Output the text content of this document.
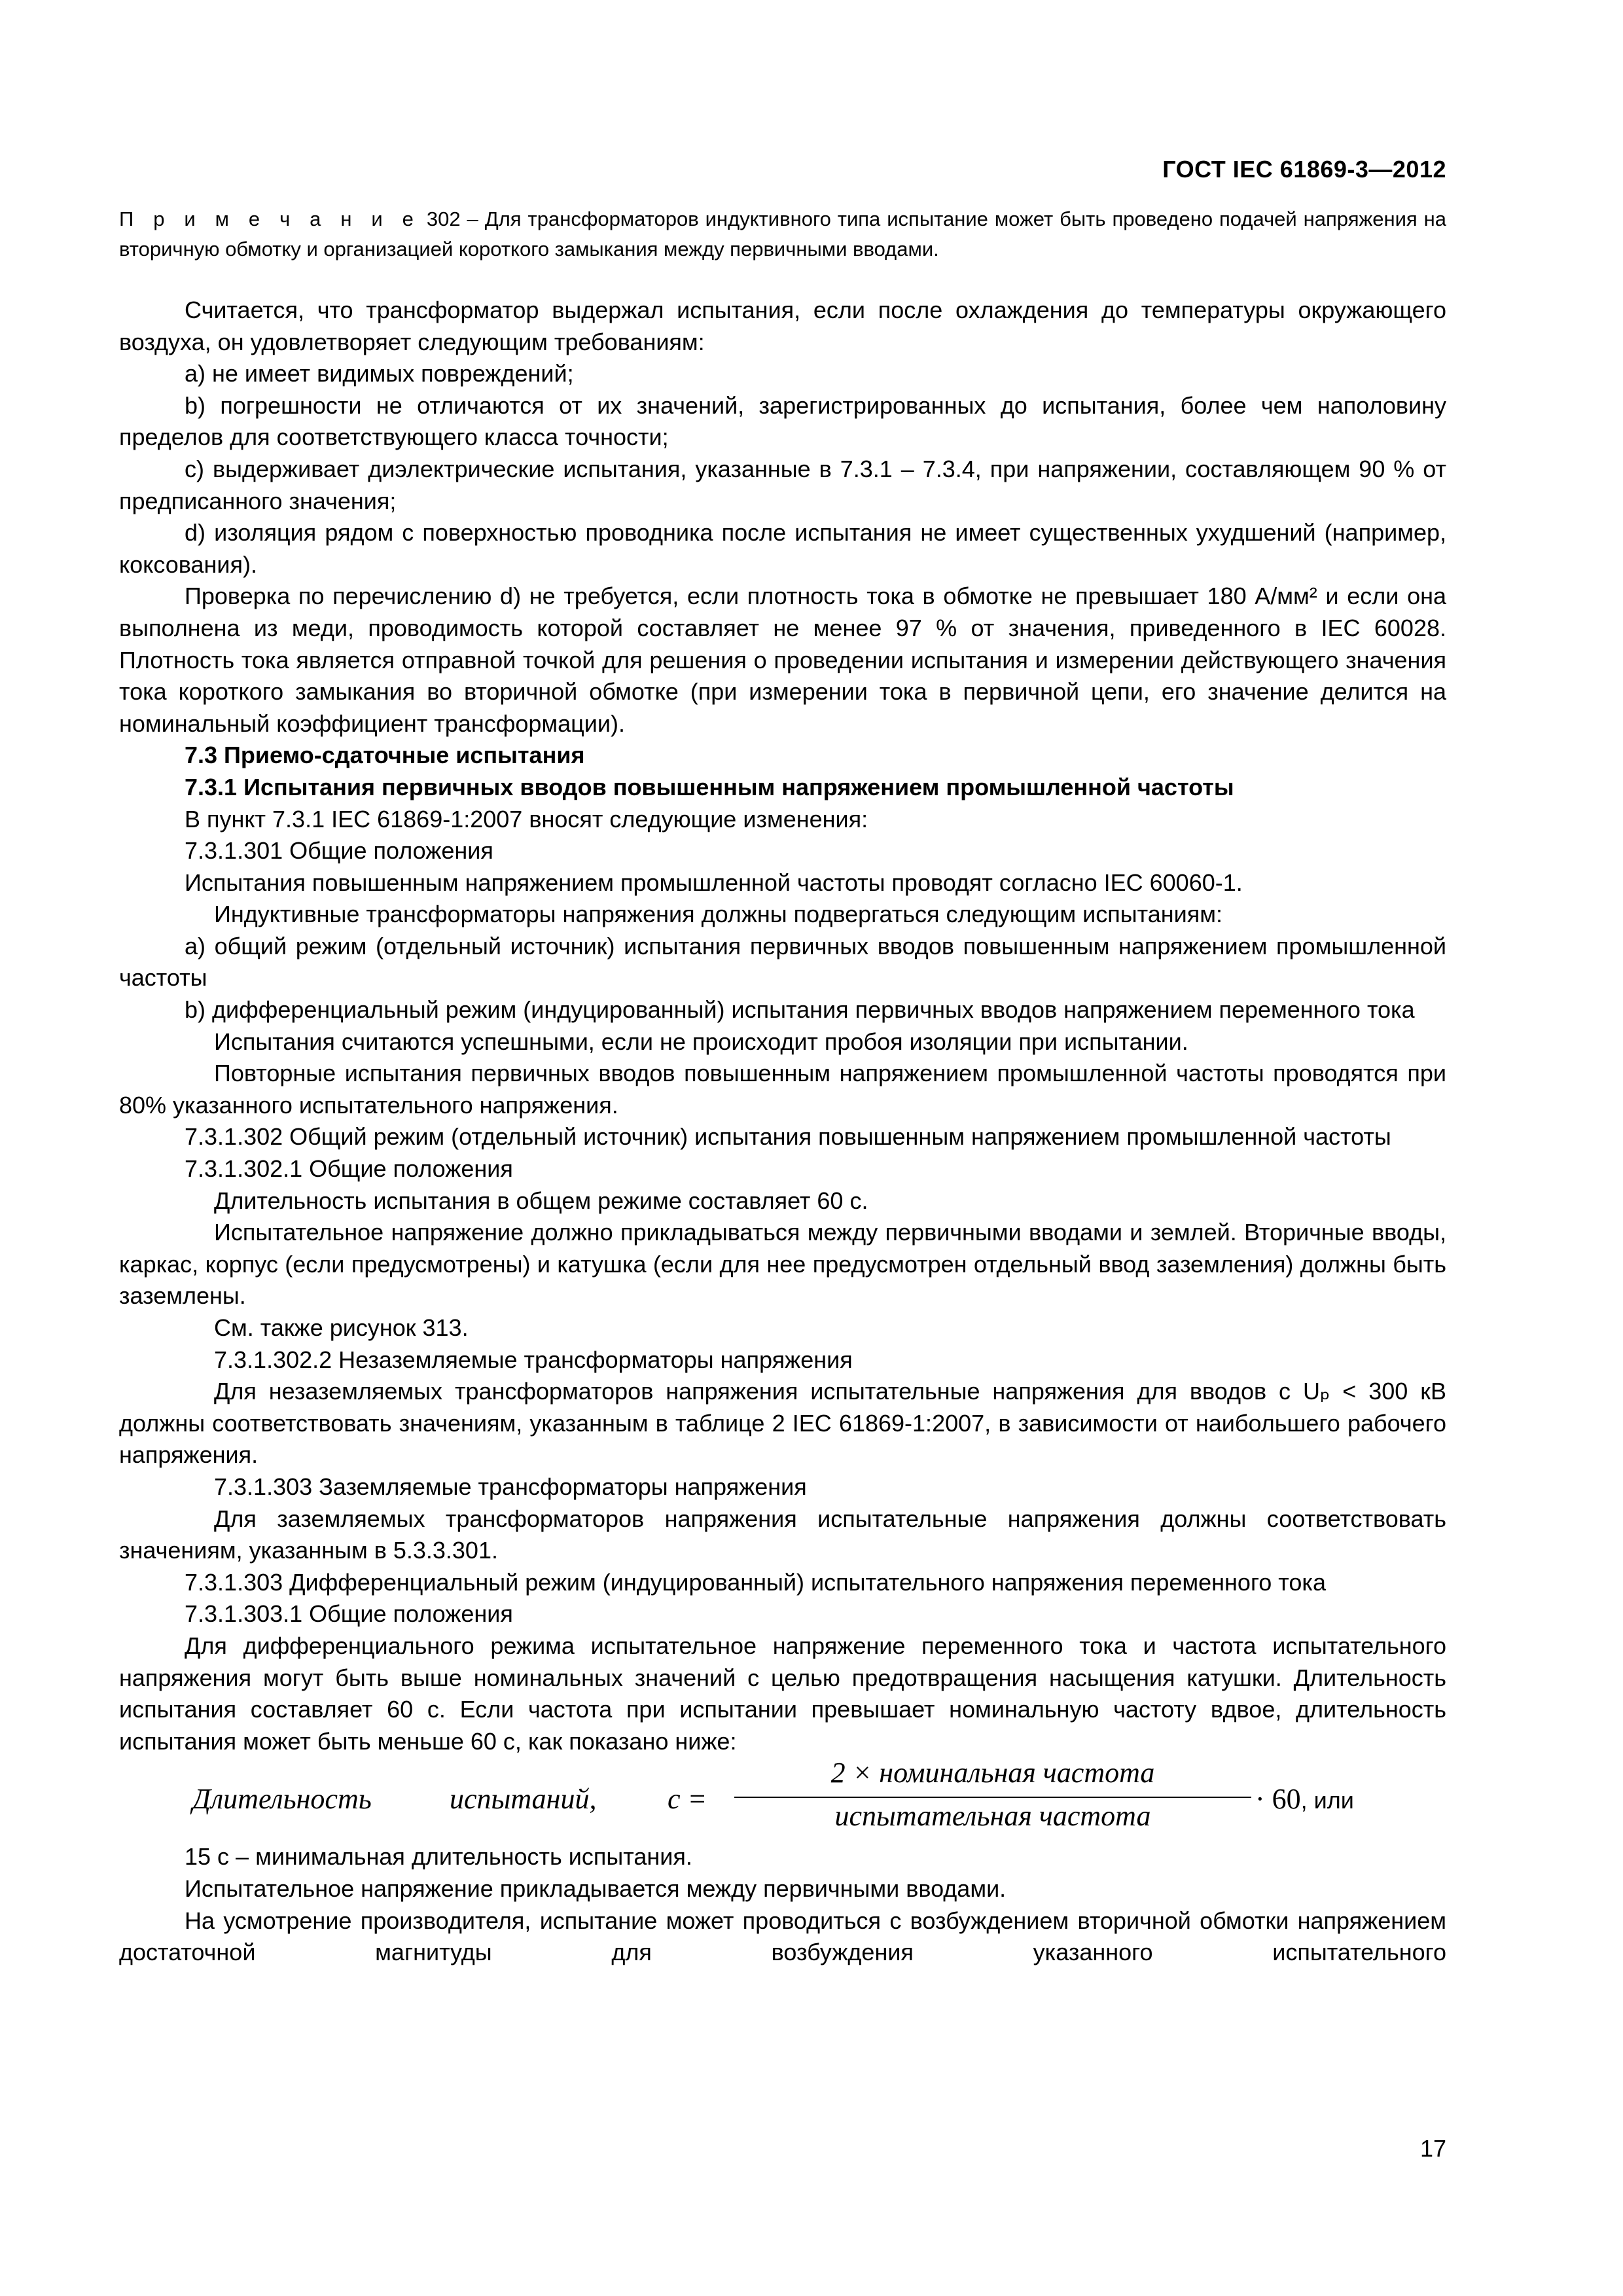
ГОСТ IEC 61869-3—2012
П р и м е ч а н и е 302 – Для трансформаторов индуктивного типа испытание может быть проведено подачей напряжения на вторичную обмотку и организацией короткого замыкания между первичными вводами.

Считается, что трансформатор выдержал испытания, если после охлаждения до температуры окружающего воздуха, он удовлетворяет следующим требованиям:

a) не имеет видимых повреждений;

b) погрешности не отличаются от их значений, зарегистрированных до испытания, более чем наполовину пределов для соответствующего класса точности;

c) выдерживает диэлектрические испытания, указанные в 7.3.1 – 7.3.4, при напряжении, составляющем 90 % от предписанного значения;

d) изоляция рядом с поверхностью проводника после испытания не имеет существенных ухудшений (например, коксования).

Проверка по перечислению d) не требуется, если плотность тока в обмотке не превышает 180 А/мм² и если она выполнена из меди, проводимость которой составляет не менее 97 % от значения, приведенного в IEC 60028. Плотность тока является отправной точкой для решения о проведении испытания и измерении действующего значения тока короткого замыкания во вторичной обмотке (при измерении тока в первичной цепи, его значение делится на номинальный коэффициент трансформации).

7.3 Приемо-сдаточные испытания

7.3.1 Испытания первичных вводов повышенным напряжением промышленной частоты

В пункт 7.3.1 IEC 61869-1:2007 вносят следующие изменения:

7.3.1.301 Общие положения

Испытания повышенным напряжением промышленной частоты проводят согласно IEC 60060-1.

Индуктивные трансформаторы напряжения должны подвергаться следующим испытаниям:

a) общий режим (отдельный источник) испытания первичных вводов повышенным напряжением промышленной частоты

b) дифференциальный режим (индуцированный) испытания первичных вводов напряжением переменного тока

Испытания считаются успешными, если не происходит пробоя изоляции при испытании.

Повторные испытания первичных вводов повышенным напряжением промышленной частоты проводятся при 80% указанного испытательного напряжения.

7.3.1.302 Общий режим (отдельный источник) испытания повышенным напряжением промышленной частоты

7.3.1.302.1 Общие положения

Длительность испытания в общем режиме составляет 60 с.

Испытательное напряжение должно прикладываться между первичными вводами и землей. Вторичные вводы, каркас, корпус (если предусмотрены) и катушка (если для нее предусмотрен отдельный ввод заземления) должны быть заземлены.

См. также рисунок 313.

7.3.1.302.2 Незаземляемые трансформаторы напряжения

Для незаземляемых трансформаторов напряжения испытательные напряжения для вводов с Uₚ < 300 кВ должны соответствовать значениям, указанным в таблице 2 IEC 61869-1:2007, в зависимости от наибольшего рабочего напряжения.

7.3.1.303 Заземляемые трансформаторы напряжения

Для заземляемых трансформаторов напряжения испытательные напряжения должны соответствовать значениям, указанным в 5.3.3.301.

7.3.1.303 Дифференциальный режим (индуцированный) испытательного напряжения переменного тока

7.3.1.303.1 Общие положения

Для дифференциального режима испытательное напряжение переменного тока и частота испытательного напряжения могут быть выше номинальных значений с целью предотвращения насыщения катушки. Длительность испытания составляет 60 с. Если частота при испытании превышает номинальную частоту вдвое, длительность испытания может быть меньше 60 с, как показано ниже:

Длительность	испытаний, с =
2 × номинальная частота
испытательная частота
· 60, или

15 с – минимальная длительность испытания.

Испытательное напряжение прикладывается между первичными вводами.

На усмотрение производителя, испытание может проводиться с возбуждением вторичной обмотки напряжением достаточной магнитуды для возбуждения указанного испытательного

17
